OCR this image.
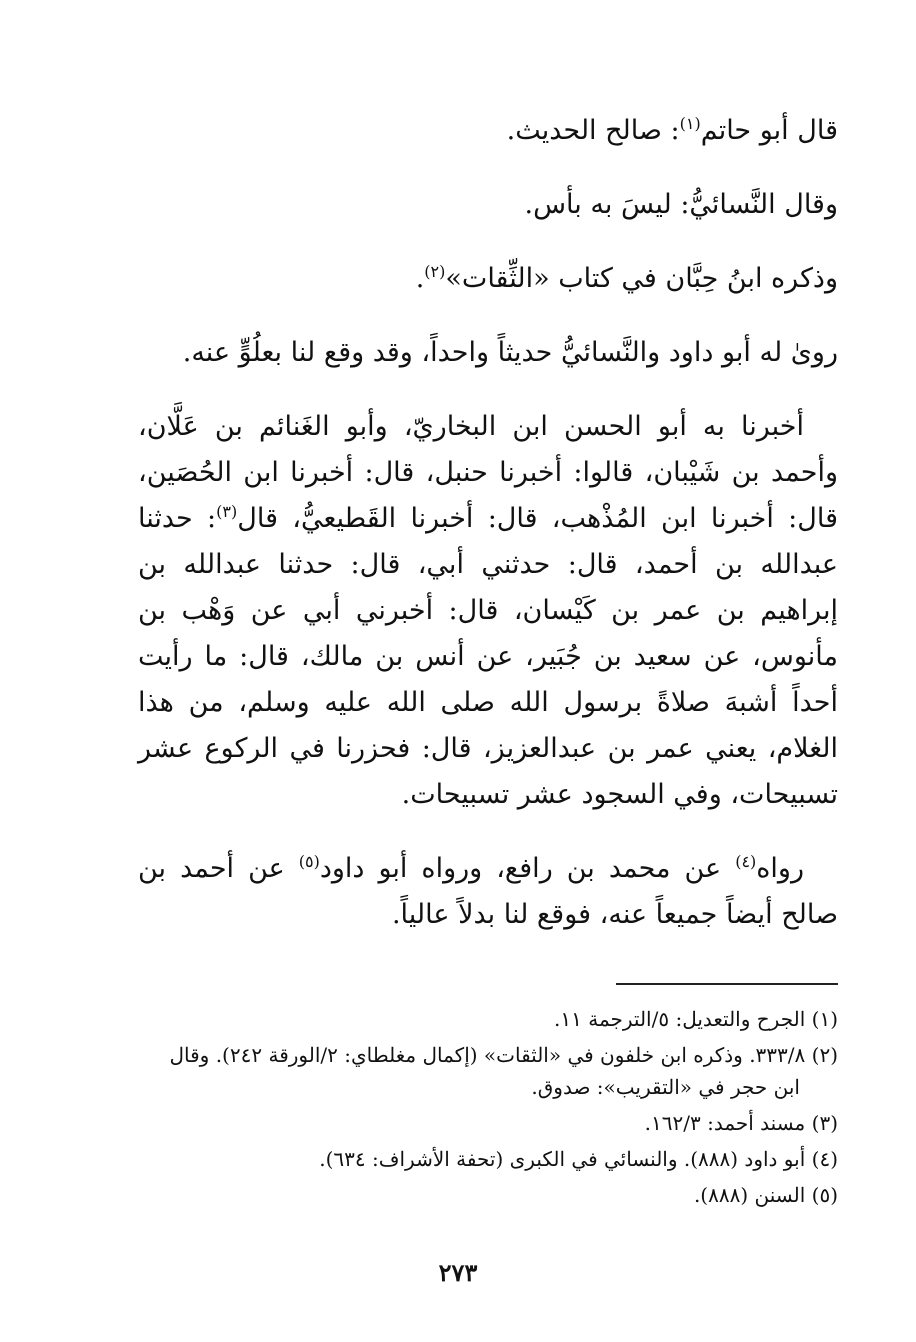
قال أبو حاتم$^{(١)}$: صالح الحديث.

وقال النَّسائيُّ: ليسَ به بأس.

وذكره ابنُ حِبَّان في كتاب «الثِّقات»$^{(٢)}$.

روىٰ له أبو داود والنَّسائيُّ حديثاً واحداً، وقد وقع لنا بعلُوٍّ عنه.

أخبرنا به أبو الحسن ابن البخاريّ، وأبو الغَنائم بن عَلَّان، وأحمد بن شَيْبان، قالوا: أخبرنا حنبل، قال: أخبرنا ابن الحُصَين، قال: أخبرنا ابن المُذْهب، قال: أخبرنا القَطيعيُّ، قال$^{(٣)}$: حدثنا عبدالله بن أحمد، قال: حدثني أبي، قال: حدثنا عبدالله بن إبراهيم بن عمر بن كَيْسان، قال: أخبرني أبي عن وَهْب بن مأنوس، عن سعيد بن جُبَير، عن أنس بن مالك، قال: ما رأيت أحداً أشبهَ صلاةً برسول الله صلى الله عليه وسلم، من هذا الغلام، يعني عمر بن عبدالعزيز، قال: فحزرنا في الركوع عشر تسبيحات، وفي السجود عشر تسبيحات.

رواه$^{(٤)}$ عن محمد بن رافع، ورواه أبو داود$^{(٥)}$ عن أحمد بن صالح أيضاً جميعاً عنه، فوقع لنا بدلاً عالياً.

(١) الجرح والتعديل: ٥/الترجمة ١١.
(٢) ٣٣٣/٨. وذكره ابن خلفون في «الثقات» (إكمال مغلطاي: ٢/الورقة ٢٤٢). وقال
ابن حجر في «التقريب»: صدوق.
(٣) مسند أحمد: ١٦٢/٣.
(٤) أبو داود (٨٨٨). والنسائي في الكبرى (تحفة الأشراف: ٦٣٤).
(٥) السنن (٨٨٨).
٢٧٣
